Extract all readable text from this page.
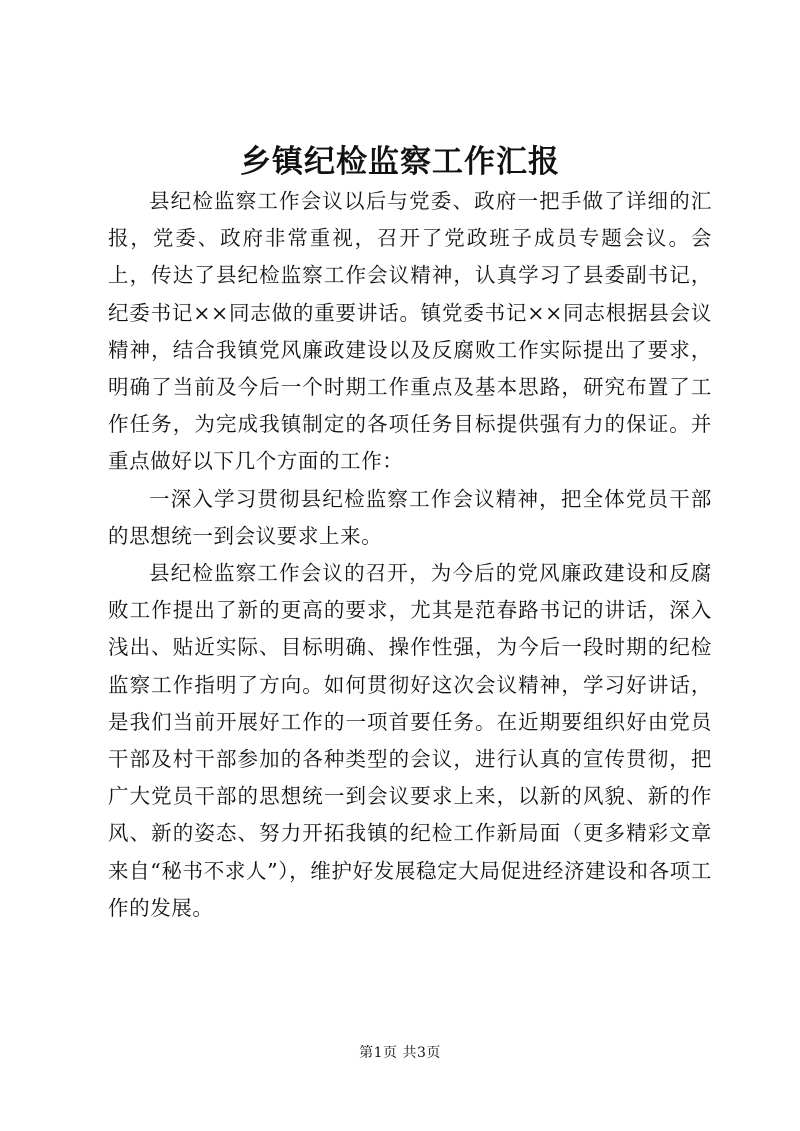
乡镇纪检监察工作汇报

县纪检监察工作会议以后与党委、政府一把手做了详细的汇报，党委、政府非常重视，召开了党政班子成员专题会议。会上，传达了县纪检监察工作会议精神，认真学习了县委副书记，纪委书记××同志做的重要讲话。镇党委书记××同志根据县会议精神，结合我镇党风廉政建设以及反腐败工作实际提出了要求，明确了当前及今后一个时期工作重点及基本思路，研究布置了工作任务，为完成我镇制定的各项任务目标提供强有力的保证。并重点做好以下几个方面的工作：

一深入学习贯彻县纪检监察工作会议精神，把全体党员干部的思想统一到会议要求上来。

县纪检监察工作会议的召开，为今后的党风廉政建设和反腐败工作提出了新的更高的要求，尤其是范春路书记的讲话，深入浅出、贴近实际、目标明确、操作性强，为今后一段时期的纪检监察工作指明了方向。如何贯彻好这次会议精神，学习好讲话，是我们当前开展好工作的一项首要任务。在近期要组织好由党员干部及村干部参加的各种类型的会议，进行认真的宣传贯彻，把广大党员干部的思想统一到会议要求上来，以新的风貌、新的作风、新的姿态、努力开拓我镇的纪检工作新局面（更多精彩文章来自“秘书不求人”），维护好发展稳定大局促进经济建设和各项工作的发展。

第1页 共3页
